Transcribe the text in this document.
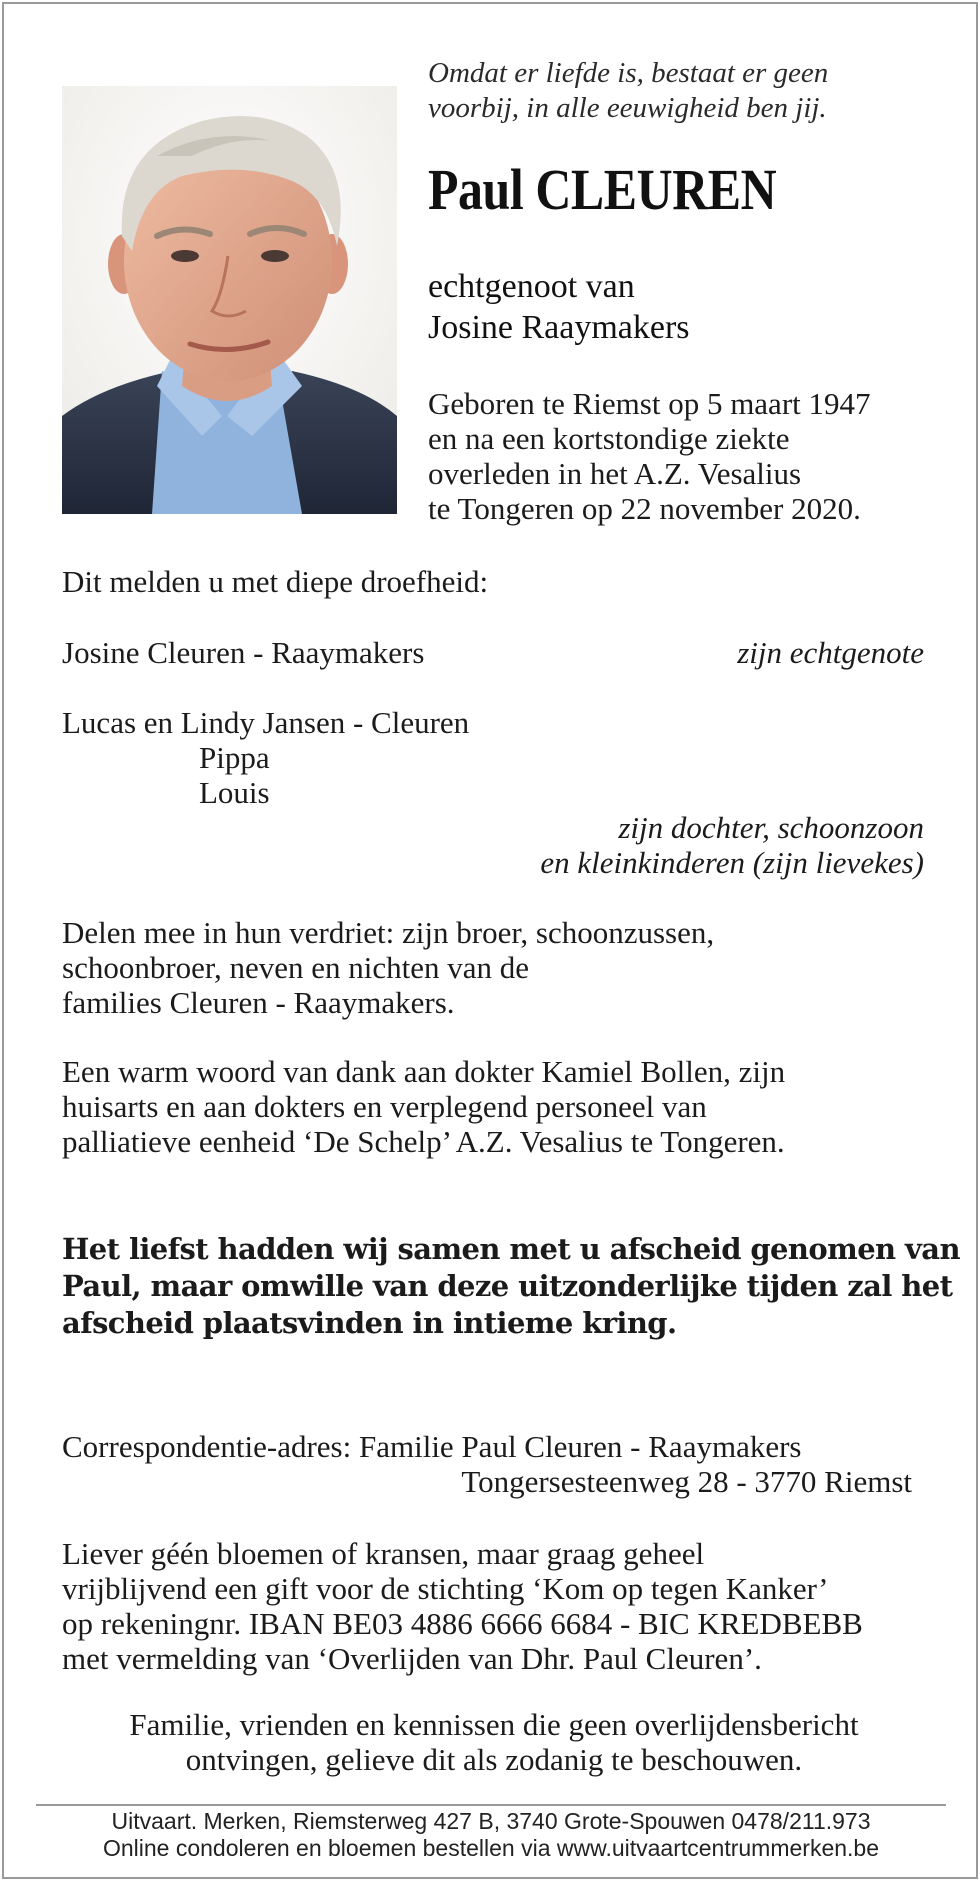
Omdat er liefde is, bestaat er geen
voorbij, in alle eeuwigheid ben jij.
Paul CLEUREN
echtgenoot van
Josine Raaymakers
Geboren te Riemst op 5 maart 1947
en na een kortstondige ziekte
overleden in het A.Z. Vesalius
te Tongeren op 22 november 2020.
Dit melden u met diepe droefheid:
Josine Cleuren - Raaymakers	zijn echtgenote
Lucas en Lindy Jansen - Cleuren
Pippa
Louis
zijn dochter, schoonzoon
en kleinkinderen (zijn lievekes)
Delen mee in hun verdriet: zijn broer, schoonzussen,
schoonbroer, neven en nichten van de
families Cleuren - Raaymakers.
Een warm woord van dank aan dokter Kamiel Bollen, zijn
huisarts en aan dokters en verplegend personeel van
palliatieve eenheid ‘De Schelp’ A.Z. Vesalius te Tongeren.
Het liefst hadden wij samen met u afscheid genomen van
Paul, maar omwille van deze uitzonderlijke tijden zal het
afscheid plaatsvinden in intieme kring.
Correspondentie-adres: Familie Paul Cleuren - Raaymakers
Tongersesteenweg 28 - 3770 Riemst
Liever géén bloemen of kransen, maar graag geheel
vrijblijvend een gift voor de stichting ‘Kom op tegen Kanker’
op rekeningnr. IBAN BE03 4886 6666 6684 - BIC KREDBEBB
met vermelding van ‘Overlijden van Dhr. Paul Cleuren’.
Familie, vrienden en kennissen die geen overlijdensbericht
ontvingen, gelieve dit als zodanig te beschouwen.
Uitvaart. Merken, Riemsterweg 427 B, 3740 Grote-Spouwen 0478/211.973
Online condoleren en bloemen bestellen via www.uitvaartcentrummerken.be
